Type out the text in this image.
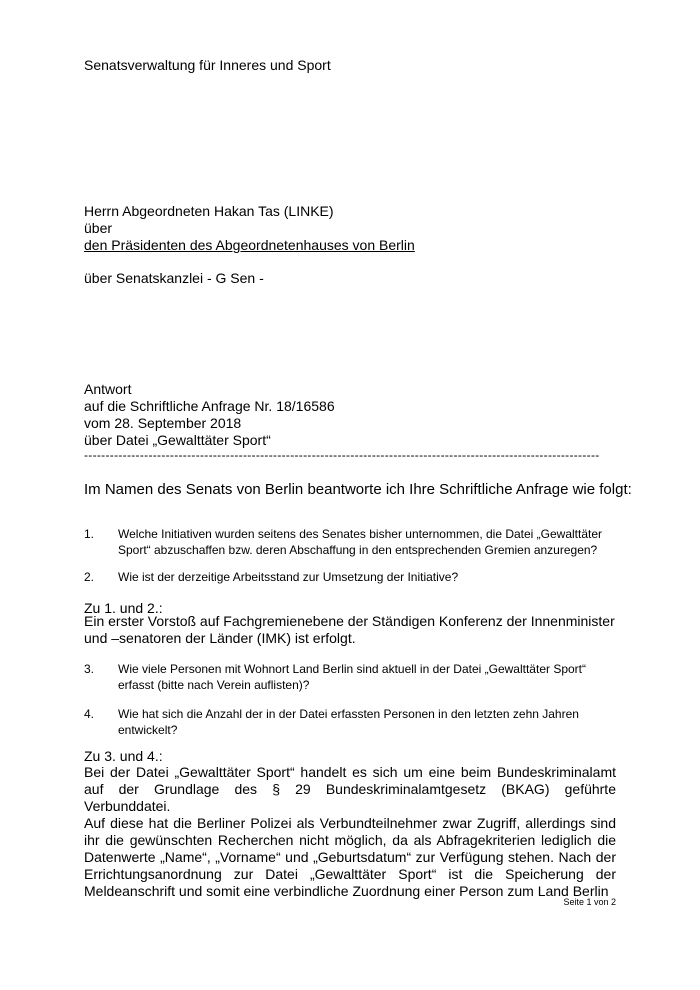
Senatsverwaltung für Inneres und Sport
Herrn Abgeordneten Hakan Tas (LINKE)
über
den Präsidenten des Abgeordnetenhauses von Berlin
über Senatskanzlei - G Sen -
Antwort
auf die Schriftliche Anfrage Nr. 18/16586
vom 28. September 2018
über Datei „Gewalttäter Sport“
------------------------------------------------------------------------------------------------------------------------
Im Namen des Senats von Berlin beantworte ich Ihre Schriftliche Anfrage wie folgt:
1. Welche Initiativen wurden seitens des Senates bisher unternommen, die Datei „Gewalttäter Sport“ abzuschaffen bzw. deren Abschaffung in den entsprechenden Gremien anzuregen?
2. Wie ist der derzeitige Arbeitsstand zur Umsetzung der Initiative?
Zu 1. und 2.:
Ein erster Vorstoß auf Fachgremienebene der Ständigen Konferenz der Innenminister und –senatoren der Länder (IMK) ist erfolgt.
3. Wie viele Personen mit Wohnort Land Berlin sind aktuell in der Datei „Gewalttäter Sport“ erfasst (bitte nach Verein auflisten)?
4. Wie hat sich die Anzahl der in der Datei erfassten Personen in den letzten zehn Jahren entwickelt?
Zu 3. und 4.:
Bei der Datei „Gewalttäter Sport“ handelt es sich um eine beim Bundeskriminalamt auf der Grundlage des § 29 Bundeskriminalamtgesetz (BKAG) geführte Verbunddatei.
Auf diese hat die Berliner Polizei als Verbundteilnehmer zwar Zugriff, allerdings sind ihr die gewünschten Recherchen nicht möglich, da als Abfragekriterien lediglich die Datenwerte „Name“, „Vorname“ und „Geburtsdatum“ zur Verfügung stehen. Nach der Errichtungsanordnung zur Datei „Gewalttäter Sport“ ist die Speicherung der Meldeanschrift und somit eine verbindliche Zuordnung einer Person zum Land Berlin
Seite 1 von 2
